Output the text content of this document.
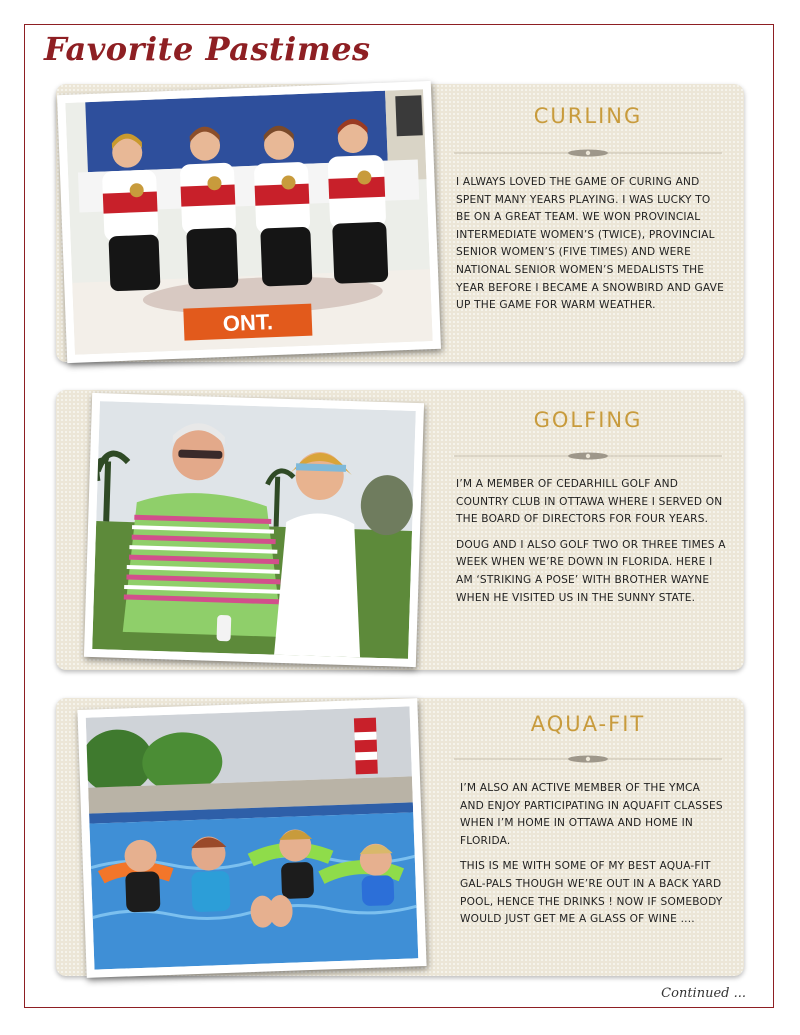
Favorite Pastimes
ONT.
CURLING

I ALWAYS LOVED THE GAME OF CURING AND SPENT MANY YEARS PLAYING. I WAS LUCKY TO BE ON A GREAT TEAM. WE WON PROVINCIAL INTERMEDIATE WOMEN’S (TWICE), PROVINCIAL SENIOR WOMEN’S (FIVE TIMES) AND WERE NATIONAL SENIOR WOMEN’S MEDALISTS THE YEAR BEFORE I BECAME A SNOWBIRD AND GAVE UP THE GAME FOR WARM WEATHER.

GOLFING

I’M A MEMBER OF CEDARHILL GOLF AND COUNTRY CLUB IN OTTAWA WHERE I SERVED ON THE BOARD OF DIRECTORS FOR FOUR YEARS.

DOUG AND I ALSO GOLF TWO OR THREE TIMES A WEEK WHEN WE’RE DOWN IN FLORIDA. HERE I AM ‘STRIKING A POSE’ WITH BROTHER WAYNE WHEN HE VISITED US IN THE SUNNY STATE.

AQUA-FIT

I’M ALSO AN ACTIVE MEMBER OF THE YMCA AND ENJOY PARTICIPATING IN AQUAFIT CLASSES WHEN I’M HOME IN OTTAWA AND HOME IN FLORIDA.

THIS IS ME WITH SOME OF MY BEST AQUA-FIT GAL-PALS THOUGH WE’RE OUT IN A BACK YARD POOL, HENCE THE DRINKS ! NOW IF SOMEBODY WOULD JUST GET ME A GLASS OF WINE ....

Continued ...
